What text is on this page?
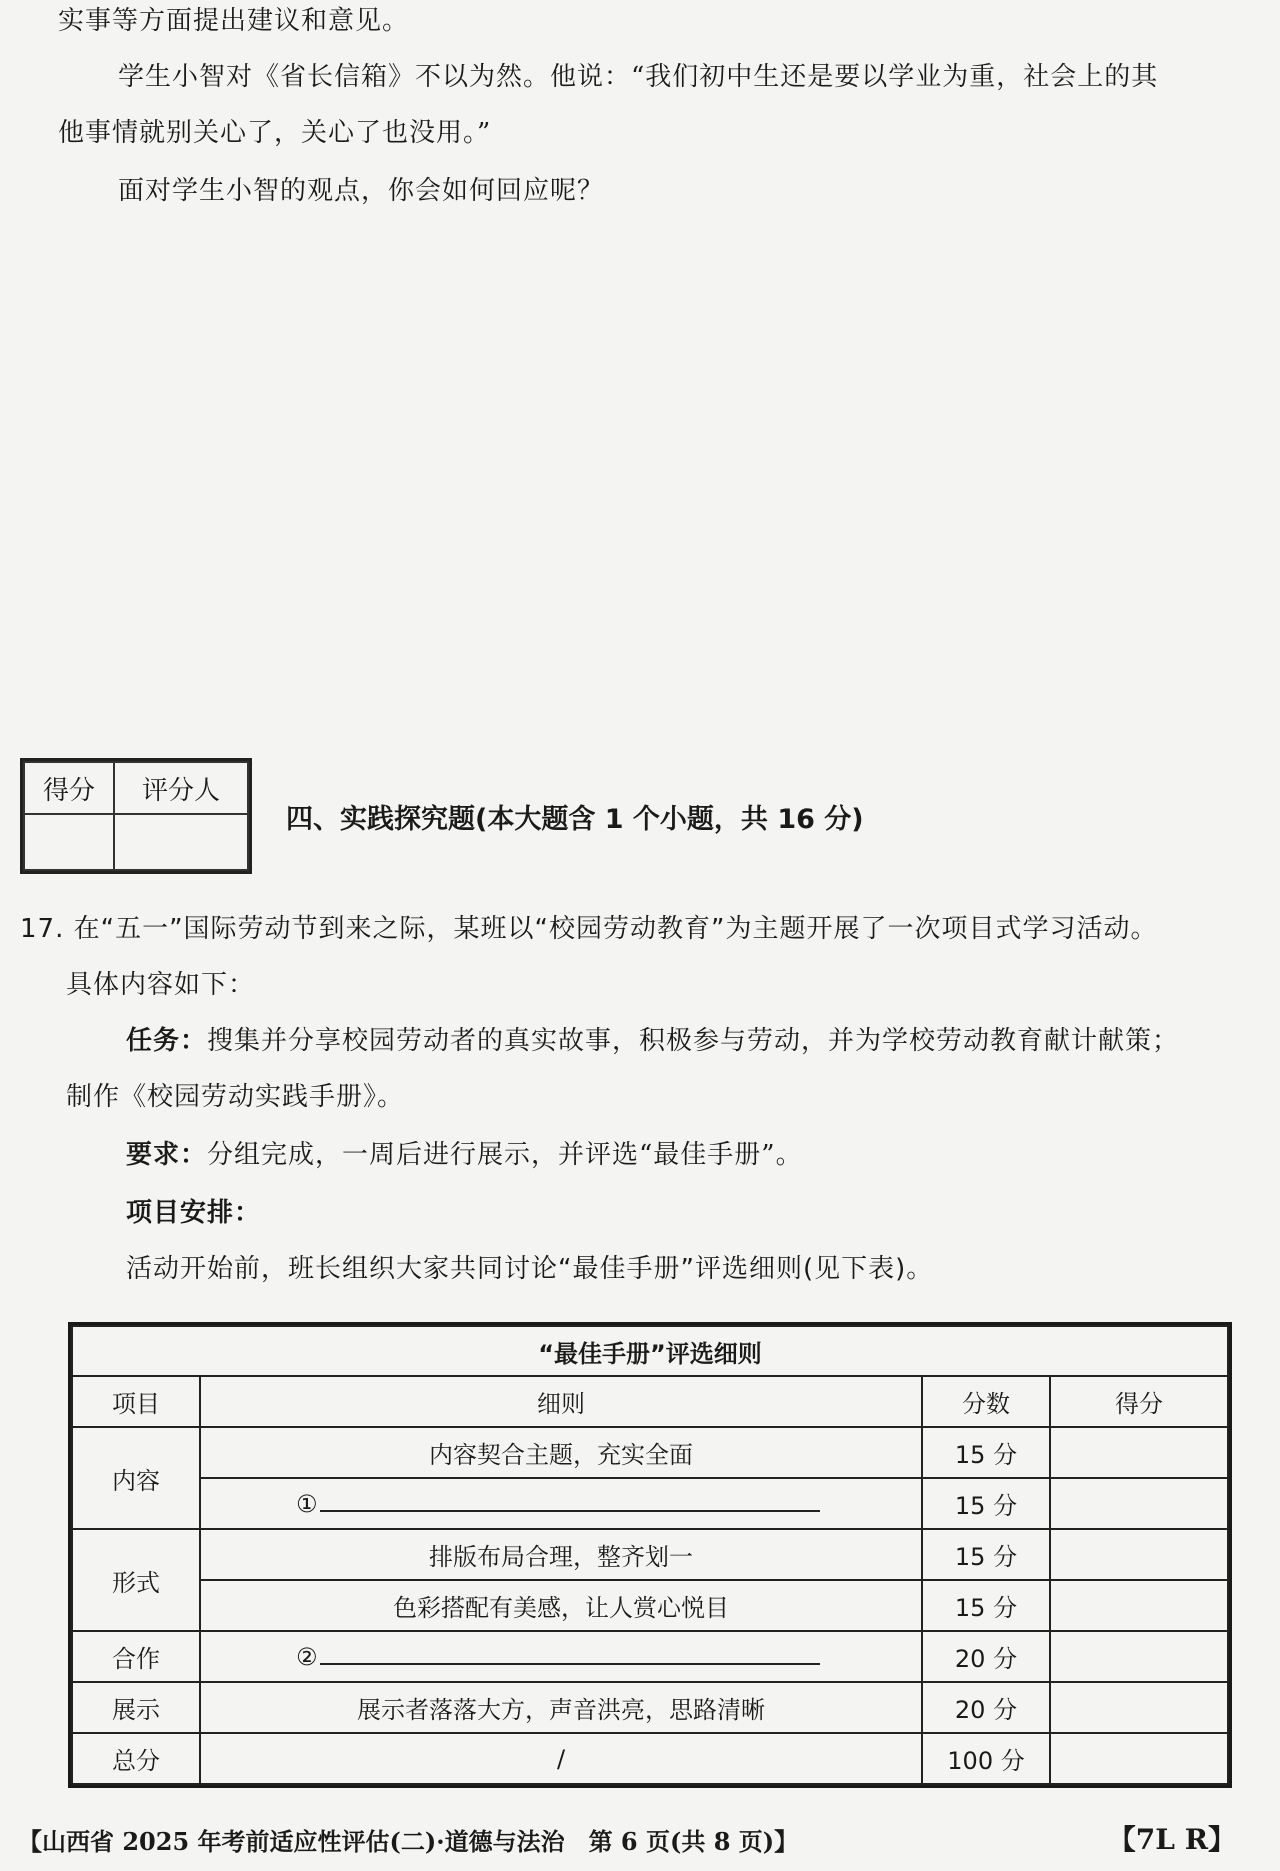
实事等方面提出建议和意见。
学生小智对《省长信箱》不以为然。他说：“我们初中生还是要以学业为重，社会上的其
他事情就别关心了，关心了也没用。”
面对学生小智的观点，你会如何回应呢？
得分	评分人

四、实践探究题(本大题含 1 个小题，共 16 分)
17. 在“五一”国际劳动节到来之际，某班以“校园劳动教育”为主题开展了一次项目式学习活动。
具体内容如下：
任务：搜集并分享校园劳动者的真实故事，积极参与劳动，并为学校劳动教育献计献策；
制作《校园劳动实践手册》。
要求：分组完成，一周后进行展示，并评选“最佳手册”。
项目安排：
活动开始前，班长组织大家共同讨论“最佳手册”评选细则(见下表)。
“最佳手册”评选细则			
项目	细则	分数	得分
内容	内容契合主题，充实全面	15 分	
	①	15 分	
形式	排版布局合理，整齐划一	15 分	
	色彩搭配有美感，让人赏心悦目	15 分	
合作	②	20 分	
展示	展示者落落大方，声音洪亮，思路清晰	20 分	
总分	/	100 分	
【山西省 2025 年考前适应性评估(二)·道德与法治　第 6 页(共 8 页)】	【7L R】
